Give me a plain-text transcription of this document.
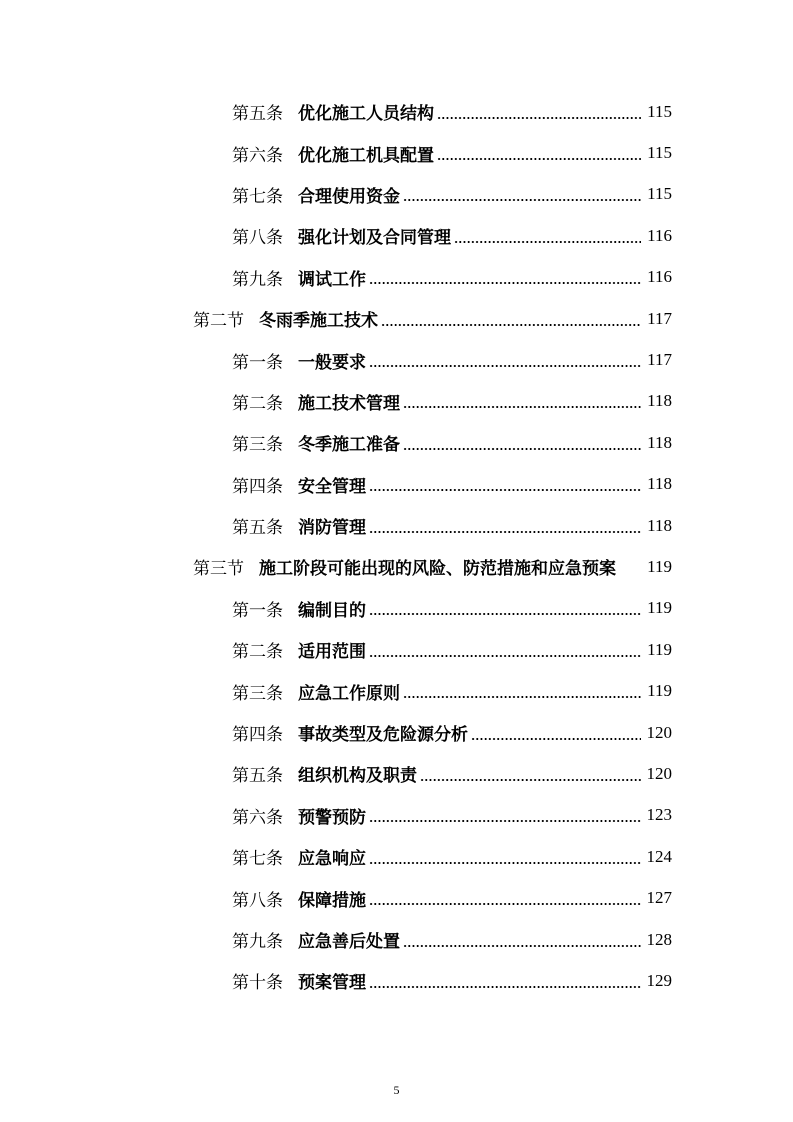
第五条 优化施工人员结构	115
第六条 优化施工机具配置	115
第七条 合理使用资金	115
第八条 强化计划及合同管理	116
第九条 调试工作	116
第二节 冬雨季施工技术	117
第一条 一般要求	117
第二条 施工技术管理	118
第三条 冬季施工准备	118
第四条 安全管理	118
第五条 消防管理	118
第三节 施工阶段可能出现的风险、防范措施和应急预案	119
第一条 编制目的	119
第二条 适用范围	119
第三条 应急工作原则	119
第四条 事故类型及危险源分析	120
第五条 组织机构及职责	120
第六条 预警预防	123
第七条 应急响应	124
第八条 保障措施	127
第九条 应急善后处置	128
第十条 预案管理	129
5
